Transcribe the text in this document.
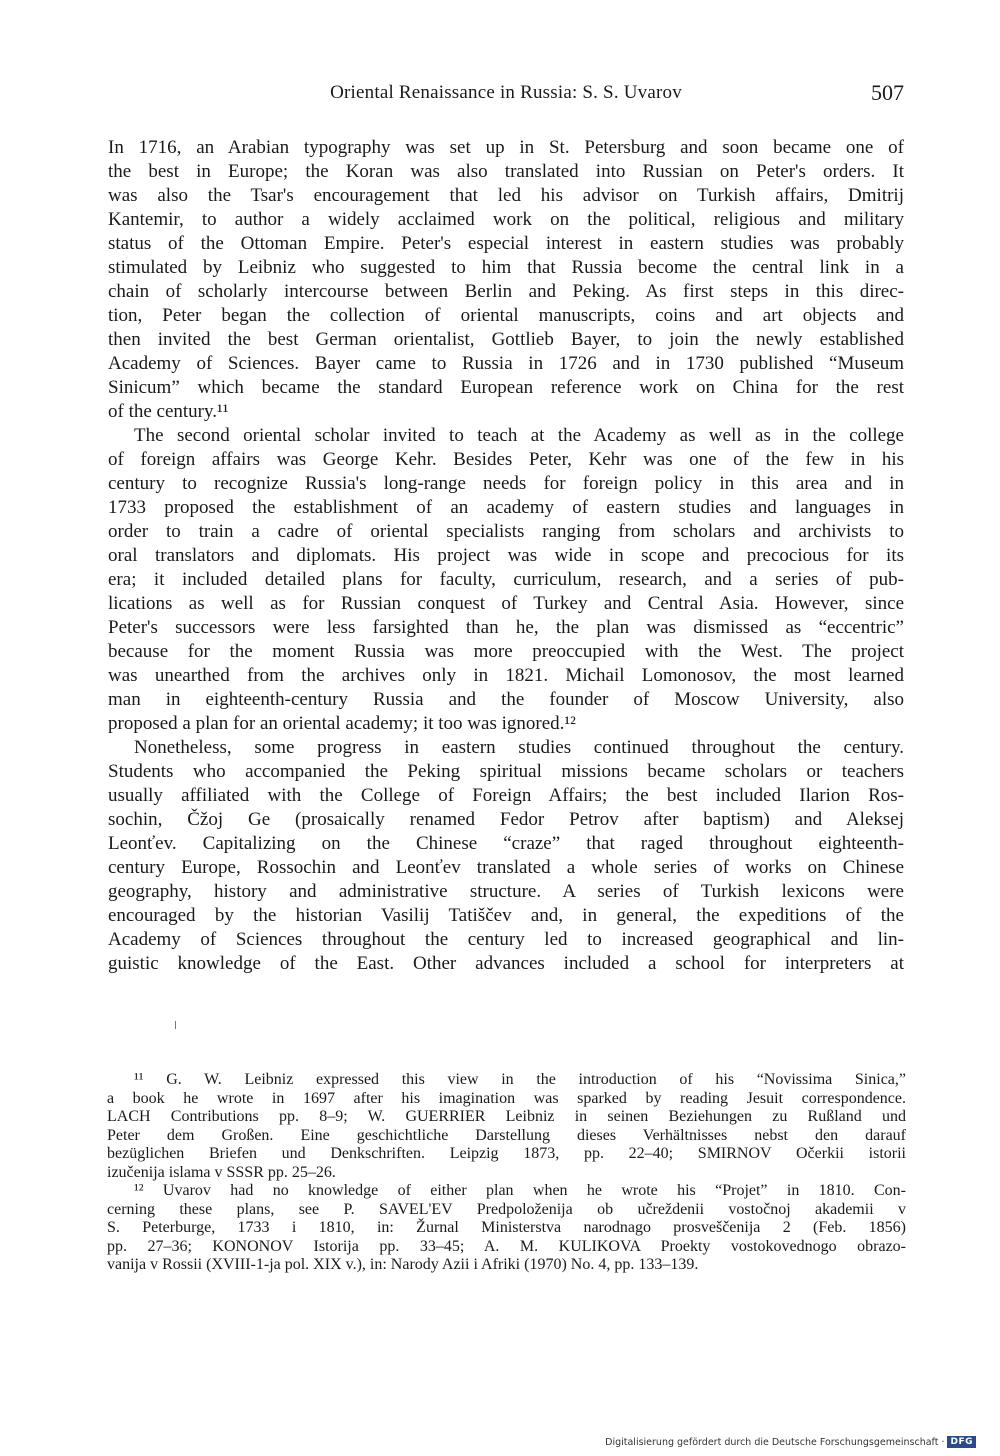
Oriental Renaissance in Russia: S. S. Uvarov	507
In 1716, an Arabian typography was set up in St. Petersburg and soon became one of
the best in Europe; the Koran was also translated into Russian on Peter's orders. It
was also the Tsar's encouragement that led his advisor on Turkish affairs, Dmitrij
Kantemir, to author a widely acclaimed work on the political, religious and military
status of the Ottoman Empire. Peter's especial interest in eastern studies was probably
stimulated by Leibniz who suggested to him that Russia become the central link in a
chain of scholarly intercourse between Berlin and Peking. As first steps in this direc-
tion, Peter began the collection of oriental manuscripts, coins and art objects and
then invited the best German orientalist, Gottlieb Bayer, to join the newly established
Academy of Sciences. Bayer came to Russia in 1726 and in 1730 published “Museum
Sinicum” which became the standard European reference work on China for the rest
of the century.¹¹
The second oriental scholar invited to teach at the Academy as well as in the college
of foreign affairs was George Kehr. Besides Peter, Kehr was one of the few in his
century to recognize Russia's long-range needs for foreign policy in this area and in
1733 proposed the establishment of an academy of eastern studies and languages in
order to train a cadre of oriental specialists ranging from scholars and archivists to
oral translators and diplomats. His project was wide in scope and precocious for its
era; it included detailed plans for faculty, curriculum, research, and a series of pub-
lications as well as for Russian conquest of Turkey and Central Asia. However, since
Peter's successors were less farsighted than he, the plan was dismissed as “eccentric”
because for the moment Russia was more preoccupied with the West. The project
was unearthed from the archives only in 1821. Michail Lomonosov, the most learned
man in eighteenth-century Russia and the founder of Moscow University, also
proposed a plan for an oriental academy; it too was ignored.¹²
Nonetheless, some progress in eastern studies continued throughout the century.
Students who accompanied the Peking spiritual missions became scholars or teachers
usually affiliated with the College of Foreign Affairs; the best included Ilarion Ros-
sochin, Čžoj Ge (prosaically renamed Fedor Petrov after baptism) and Aleksej
Leonťev. Capitalizing on the Chinese “craze” that raged throughout eighteenth-
century Europe, Rossochin and Leonťev translated a whole series of works on Chinese
geography, history and administrative structure. A series of Turkish lexicons were
encouraged by the historian Vasilij Tatiščev and, in general, the expeditions of the
Academy of Sciences throughout the century led to increased geographical and lin-
guistic knowledge of the East. Other advances included a school for interpreters at
¹¹ G. W. Leibniz expressed this view in the introduction of his “Novissima Sinica,”
a book he wrote in 1697 after his imagination was sparked by reading Jesuit correspondence.
LACH Contributions pp. 8–9; W. GUERRIER Leibniz in seinen Beziehungen zu Rußland und
Peter dem Großen. Eine geschichtliche Darstellung dieses Verhältnisses nebst den darauf
bezüglichen Briefen und Denkschriften. Leipzig 1873, pp. 22–40; SMIRNOV Očerkii istorii
izučenija islama v SSSR pp. 25–26.
¹² Uvarov had no knowledge of either plan when he wrote his “Projet” in 1810. Con-
cerning these plans, see P. SAVEL'EV Predpoloženija ob učreždenii vostočnoj akademii v
S. Peterburge, 1733 i 1810, in: Žurnal Ministerstva narodnago prosveščenija 2 (Feb. 1856)
pp. 27–36; KONONOV Istorija pp. 33–45; A. M. KULIKOVA Proekty vostokovednogo obrazo-
vanija v Rossii (XVIII-1-ja pol. XIX v.), in: Narody Azii i Afriki (1970) No. 4, pp. 133–139.
Digitalisierung gefördert durch die Deutsche Forschungsgemeinschaft · DFG
